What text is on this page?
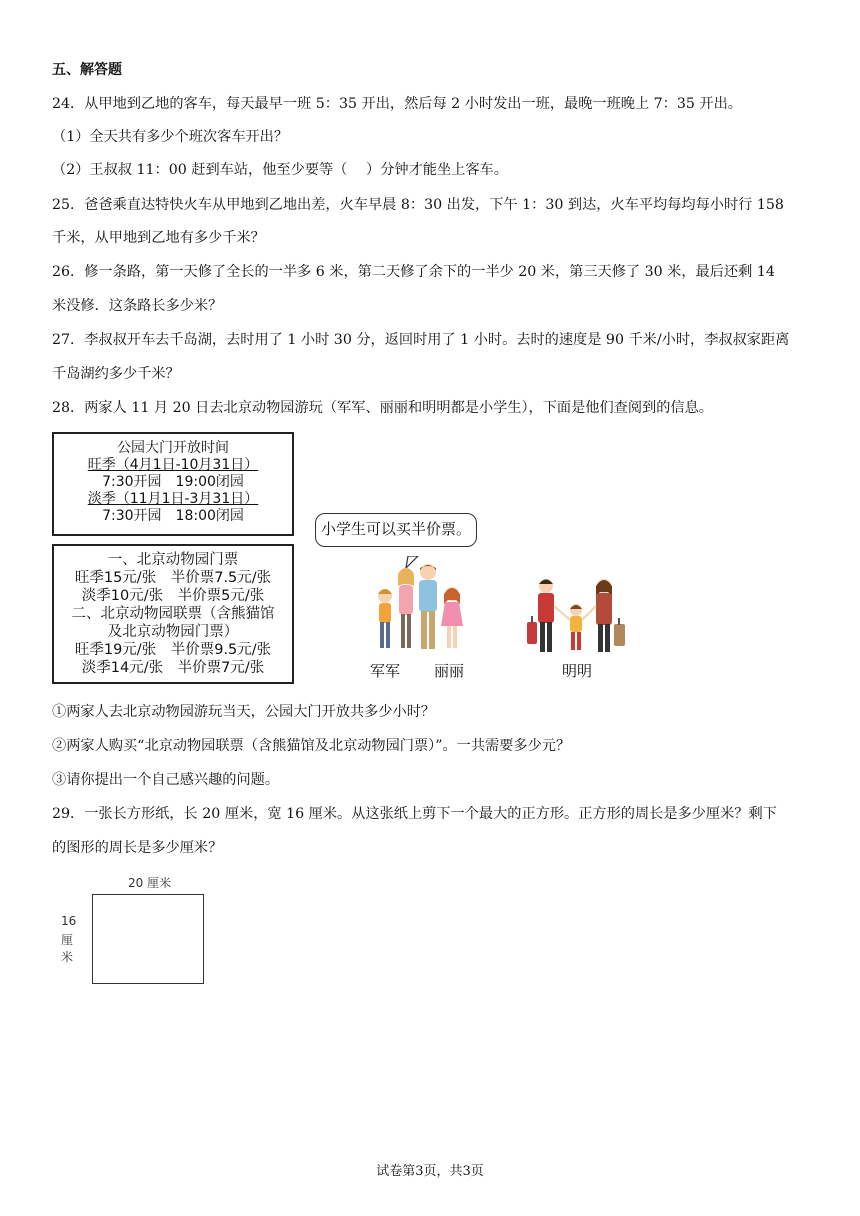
五、解答题
24．从甲地到乙地的客车，每天最早一班 5：35 开出，然后每 2 小时发出一班，最晚一班晚上 7：35 开出。
（1）全天共有多少个班次客车开出？
（2）王叔叔 11：00 赶到车站，他至少要等（　 ）分钟才能坐上客车。
25．爸爸乘直达特快火车从甲地到乙地出差，火车早晨 8：30 出发，下午 1：30 到达，火车平均每均每小时行 158
千米，从甲地到乙地有多少千米？
26．修一条路，第一天修了全长的一半多 6 米，第二天修了余下的一半少 20 米，第三天修了 30 米，最后还剩 14
米没修．这条路长多少米？
27．李叔叔开车去千岛湖，去时用了 1 小时 30 分，返回时用了 1 小时。去时的速度是 90 千米/小时，李叔叔家距离
千岛湖约多少千米？
28．两家人 11 月 20 日去北京动物园游玩（军军、丽丽和明明都是小学生），下面是他们查阅到的信息。
公园大门开放时间
旺季（4月1日-10月31日）
7:30开园　19:00闭园
淡季（11月1日-3月31日）
7:30开园　18:00闭园
一、北京动物园门票
旺季15元/张　半价票7.5元/张
淡季10元/张　半价票5元/张
二、北京动物园联票（含熊猫馆
及北京动物园门票）
旺季19元/张　半价票9.5元/张
淡季14元/张　半价票7元/张
小学生可以买半价票。
军军 丽丽	明明
①两家人去北京动物园游玩当天，公园大门开放共多少小时？
②两家人购买“北京动物园联票（含熊猫馆及北京动物园门票）”。一共需要多少元？
③请你提出一个自己感兴趣的问题。
29．一张长方形纸，长 20 厘米，宽 16 厘米。从这张纸上剪下一个最大的正方形。正方形的周长是多少厘米？剩下
的图形的周长是多少厘米？
20 厘米
16
厘
米
试卷第3页，共3页
